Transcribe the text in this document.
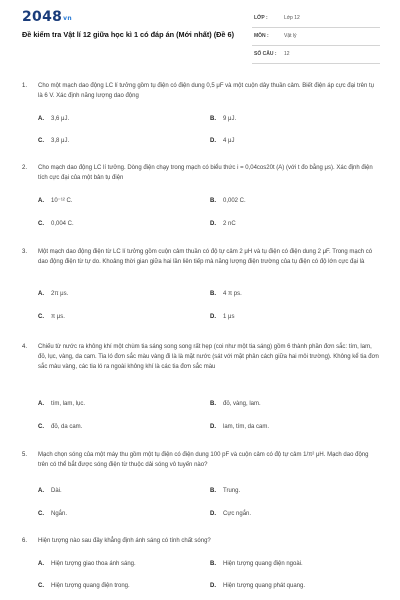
$2048_{vn}$
Đề kiểm tra Vật lí 12 giữa học kì 1 có đáp án (Mới nhất) (Đề 6)
LỚP :	Lớp 12
MÔN :	Vật lý
SỐ CÂU : 12
1. Cho một mạch dao động LC lí tưởng gồm tụ điện có điện dung 0,5 μF và một cuộn dây thuần cảm. Biết điện áp cực đại trên tụ là 6 V. Xác định năng lượng dao động
A. 3,6 μJ.	B. 9 μJ.
C. 3,8 μJ.	D. 4 μJ
2. Cho mạch dao động LC lí tưởng. Dòng điện chạy trong mạch có biểu thức i = 0,04cos20t (A) (với t đo bằng μs). Xác định điện tích cực đại của một bản tụ điện
A. 10⁻¹² C.	B. 0,002 C.
C. 0,004 C.	D. 2 nC
3. Một mạch dao động điện từ LC lí tưởng gồm cuộn cảm thuần có độ tự cảm 2 μH và tụ điện có điện dung 2 μF. Trong mạch có dao động điện từ tự do. Khoảng thời gian giữa hai lần liên tiếp mà năng lượng điện trường của tụ điện có độ lớn cực đại là
A. 2π μs.	B. 4 π ps.
C. π μs.	D. 1 μs
4. Chiếu từ nước ra không khí một chùm tia sáng song song rất hẹp (coi như một tia sáng) gồm 6 thành phần đơn sắc: tím, lam, đỏ, lục, vàng, da cam. Tia ló đơn sắc màu vàng đi là là mặt nước (sát với mặt phân cách giữa hai môi trường). Không kể tia đơn sắc màu vàng, các tia ló ra ngoài không khí là các tia đơn sắc màu
A. tím, lam, lục.	B. đỏ, vàng, lam.
C. đỏ, da cam.	D. lam, tím, da cam.
5. Mạch chọn sóng của một máy thu gồm một tụ điện có điện dung 100 pF và cuộn cảm có độ tự cảm 1/π² μH. Mạch dao động trên có thể bắt được sóng điện từ thuộc dải sóng vô tuyến nào?
A. Dài.	B. Trung.
C. Ngắn.	D. Cực ngắn.
6. Hiện tượng nào sau đây khẳng định ánh sáng có tính chất sóng?
A. Hiện tượng giao thoa ánh sáng.	B. Hiện tượng quang điện ngoài.
C. Hiện tượng quang điện trong.	D. Hiện tượng quang phát quang.
